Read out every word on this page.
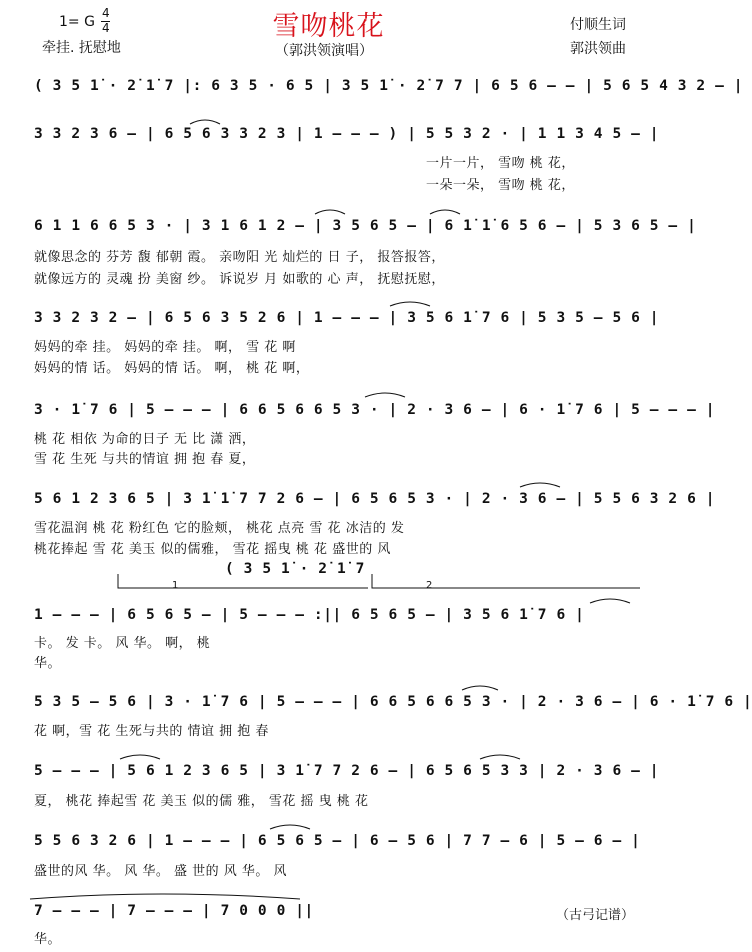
雪吻桃花
1= G
4
4
牵挂. 抚慰地	（郭洪领演唱）
付顺生词
郭洪领曲
( 3 5 1̇ · 2̇ 1̇ 7 |: 6 3 5 · 6 5 | 3 5 1̇ · 2̇ 7 7 | 6 5 6 – – | 5 6 5 4 3 2 – |
3 3 2 3 6 – | 6 5 6 3 3 2 3 | 1 – – – ) | 5 5 3 2 · | 1 1 3 4 5 – |
一片一片， 雪吻 桃 花，
一朵一朵， 雪吻 桃 花，
6 1 1 6 6 5 3 · | 3 1 6 1 2 – | 3 5 6 5 – | 6 1̇ 1̇ 6 5 6 – | 5 3 6 5 – |
就像思念的 芬芳 馥 郁朝 霞。 亲吻阳 光 灿烂的 日 子， 报答报答，
就像远方的 灵魂 扮 美窗 纱。 诉说岁 月 如歌的 心 声， 抚慰抚慰，
3 3 2 3 2 – | 6 5 6 3 5 2 6 | 1 – – – | 3 5 6 1̇ 7 6 | 5 3 5 – 5 6 |
妈妈的牵 挂。 妈妈的牵 挂。 啊， 雪 花 啊
妈妈的情 话。 妈妈的情 话。 啊， 桃 花 啊，
3 · 1̇ 7 6 | 5 – – – | 6 6 5 6 6 5 3 · | 2 · 3 6 – | 6 · 1̇ 7 6 | 5 – – – |
桃 花 相依 为命的日子 无 比 潇 洒，
雪 花 生死 与共的情谊 拥 抱 春 夏，
5 6 1 2 3 6 5 | 3 1̇ 1̇ 7 7 2 6 – | 6 5 6 5 3 · | 2 · 3 6 – | 5 5 6 3 2 6 |
雪花温润 桃 花 粉红色 它的脸颊， 桃花 点亮 雪 花 冰洁的 发
桃花捧起 雪 花 美玉 似的儒雅， 雪花 摇曳 桃 花 盛世的 风
( 3 5 1̇ · 2̇ 1̇ 7
1	2
1 – – – | 6 5 6 5 – | 5 – – – :|| 6 5 6 5 – | 3 5 6 1̇ 7 6 |
卡。 发 卡。 风 华。 啊， 桃
华。
5 3 5 – 5 6 | 3 · 1̇ 7 6 | 5 – – – | 6 6 5 6 6 5 3 · | 2 · 3 6 – | 6 · 1̇ 7 6 |
花 啊，雪 花 生死与共的 情谊 拥 抱 春
5 – – – | 5 6 1 2 3 6 5 | 3 1̇ 7 7 2 6 – | 6 5 6 5 3 3 | 2 · 3 6 – |
夏， 桃花 捧起雪 花 美玉 似的儒 雅， 雪花 摇 曳 桃 花
5 5 6 3 2 6 | 1 – – – | 6 5 6 5 – | 6 – 5 6 | 7 7 – 6 | 5 – 6 – |
盛世的风 华。 风 华。 盛 世的 风 华。 风
7 – – – | 7 – – – | 7 0 0 0 ||
华。
（古弓记谱）
